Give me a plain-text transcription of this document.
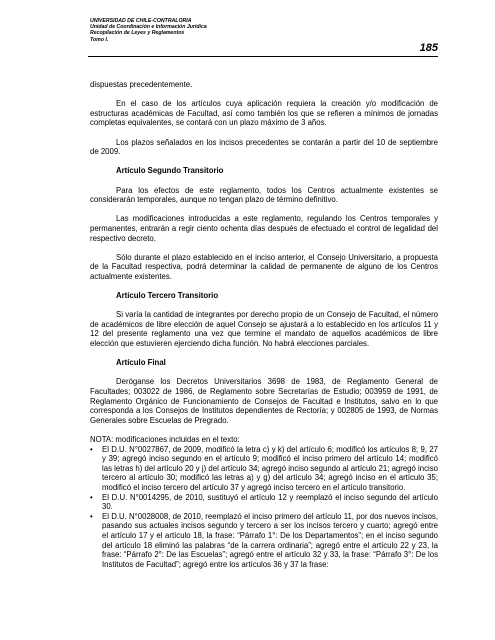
UNIVERSIDAD DE CHILE-CONTRALORIA
Unidad de Coordinación e Información Jurídica
Recopilación de Leyes y Reglamentos
Tomo I.
185

dispuestas precedentemente.

En el caso de los artículos cuya aplicación requiera la creación y/o modificación de estructuras académicas de Facultad, así como también los que se refieren a mínimos de jornadas completas equivalentes, se contará con un plazo máximo de 3 años.

Los plazos señalados en los incisos precedentes se contarán a partir del 10 de septiembre de 2009.

Artículo Segundo Transitorio

Para los efectos de este reglamento, todos los Centros actualmente existentes se considerarán temporales, aunque no tengan plazo de término definitivo.

Las modificaciones introducidas a este reglamento, regulando los Centros temporales y permanentes, entrarán a regir ciento ochenta días después de efectuado el control de legalidad del respectivo decreto.

Sólo durante el plazo establecido en el inciso anterior, el Consejo Universitario, a propuesta de la Facultad respectiva, podrá determinar la calidad de permanente de alguno de los Centros actualmente existentes.

Artículo Tercero Transitorio

Si varía la cantidad de integrantes por derecho propio de un Consejo de Facultad, el número de académicos de libre elección de aquel Consejo se ajustará a lo establecido en los artículos 11 y 12 del presente reglamento una vez que termine el mandato de aquellos académicos de libre elección que estuvieren ejerciendo dicha función. No habrá elecciones parciales.

Artículo Final

Deróganse los Decretos Universitarios 3698 de 1983, de Reglamento General de Facultades; 003022 de 1986, de Reglamento sobre Secretarías de Estudio; 003959 de 1991, de Reglamento Orgánico de Funcionamiento de Consejos de Facultad e Institutos, salvo en lo que corresponda a los Consejos de Institutos dependientes de Rectoría; y 002805 de 1993, de Normas Generales sobre Escuelas de Pregrado.

NOTA: modificaciones incluidas en el texto:

• El D.U. N°0027867, de 2009, modificó la letra c) y k) del artículo 6; modificó los artículos 8; 9, 27 y 39; agregó inciso segundo en el artículo 9; modificó el inciso primero del artículo 14; modificó las letras h) del artículo 20 y j) del artículo 34; agregó inciso segundo al artículo 21; agregó inciso tercero al artículo 30; modificó las letras a) y g) del artículo 34; agregó inciso en el artículo 35; modificó el inciso tercero del artículo 37 y agregó inciso tercero en el artículo transitorio.
• El D.U. N°0014295, de 2010, sustituyó el artículo 12 y reemplazó el inciso segundo del artículo 30.
• El D.U. N°0028008, de 2010, reemplazó el inciso primero del artículo 11, por dos nuevos incisos, pasando sus actuales incisos segundo y tercero a ser los incisos tercero y cuarto; agregó entre el artículo 17 y el artículo 18, la frase: “Párrafo 1°: De los Departamentos”; en el inciso segundo del artículo 18 eliminó las palabras “de la carrera ordinaria”; agregó entre el artículo 22 y 23, la frase: “Párrafo 2°: De las Escuelas”; agregó entre el artículo 32 y 33, la frase: “Párrafo 3°: De los Institutos de Facultad”; agregó entre los artículos 36 y 37 la frase:
